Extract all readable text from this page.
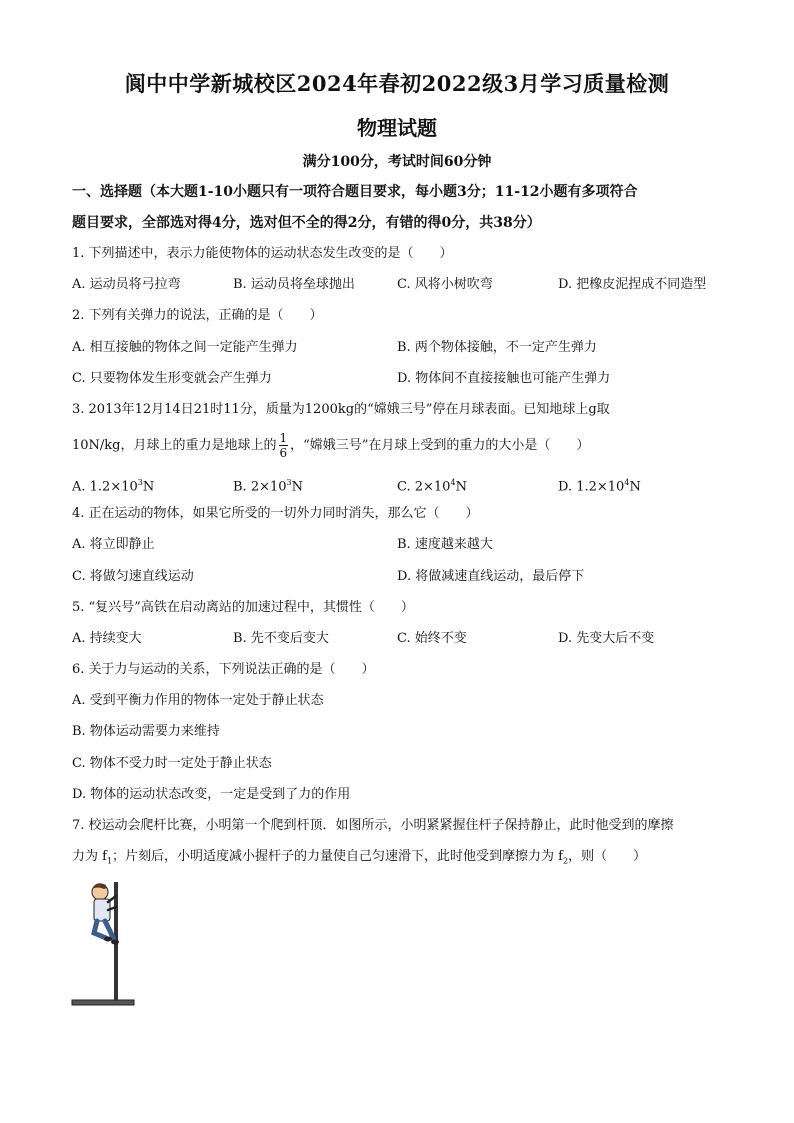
阆中中学新城校区2024年春初2022级3月学习质量检测
物理试题
满分100分，考试时间60分钟
一、选择题（本大题1-10小题只有一项符合题目要求，每小题3分；11-12小题有多项符合
题目要求，全部选对得4分，选对但不全的得2分，有错的得0分，共38分）
1. 下列描述中，表示力能使物体的运动状态发生改变的是（　　）
A. 运动员将弓拉弯	B. 运动员将垒球抛出	C. 风将小树吹弯	D. 把橡皮泥捏成不同造型
2. 下列有关弹力的说法，正确的是（　　）
A. 相互接触的物体之间一定能产生弹力	B. 两个物体接触，不一定产生弹力
C. 只要物体发生形变就会产生弹力	D. 物体间不直接接触也可能产生弹力
3. 2013年12月14日21时11分，质量为1200kg的“嫦娥三号”停在月球表面。已知地球上g取
10N/kg，月球上的重力是地球上的 $\frac{1}{6}$ ，“嫦娥三号”在月球上受到的重力的大小是（　　）
A. $1.2\times 10^3N$	B. $2\times 10^3N$	C. $2\times 10^4N$	D. $1.2\times 10^4N$
4. 正在运动的物体，如果它所受的一切外力同时消失，那么它（　　）
A. 将立即静止	B. 速度越来越大
C. 将做匀速直线运动	D. 将做减速直线运动，最后停下
5. “复兴号”高铁在启动离站的加速过程中，其惯性（　　）
A. 持续变大	B. 先不变后变大	C. 始终不变	D. 先变大后不变
6. 关于力与运动的关系，下列说法正确的是（　　）
A. 受到平衡力作用的物体一定处于静止状态
B. 物体运动需要力来维持
C. 物体不受力时一定处于静止状态
D. 物体的运动状态改变，一定是受到了力的作用
7. 校运动会爬杆比赛，小明第一个爬到杆顶．如图所示，小明紧紧握住杆子保持静止，此时他受到的摩擦
力为 $f_1$；片刻后，小明适度减小握杆子的力量使自己匀速滑下，此时他受到摩擦力为 $f_2$，则（　　）
